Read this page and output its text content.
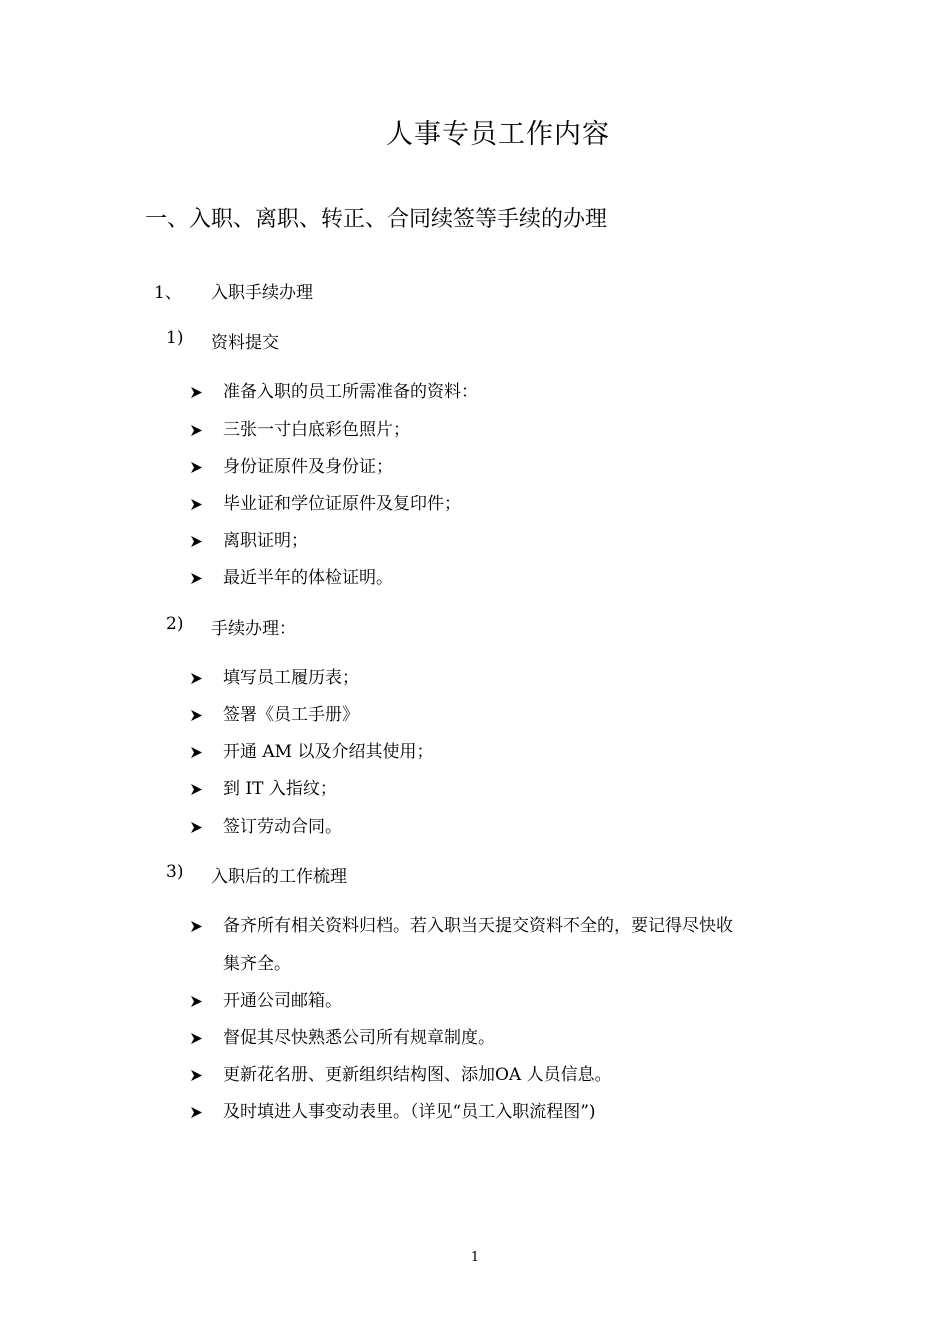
人事专员工作内容
一、入职、离职、转正、合同续签等手续的办理
1、 入职手续办理
1) 资料提交
准备入职的员工所需准备的资料：
三张一寸白底彩色照片；
身份证原件及身份证；
毕业证和学位证原件及复印件；
离职证明；
最近半年的体检证明。
2) 手续办理：
填写员工履历表；
签署《员工手册》
开通 AM 以及介绍其使用；
到 IT 入指纹；
签订劳动合同。
3) 入职后的工作梳理
备齐所有相关资料归档。若入职当天提交资料不全的，要记得尽快收
集齐全。
开通公司邮箱。
督促其尽快熟悉公司所有规章制度。
更新花名册、更新组织结构图、添加OA 人员信息。
及时填进人事变动表里。（详见“员工入职流程图”)
1
